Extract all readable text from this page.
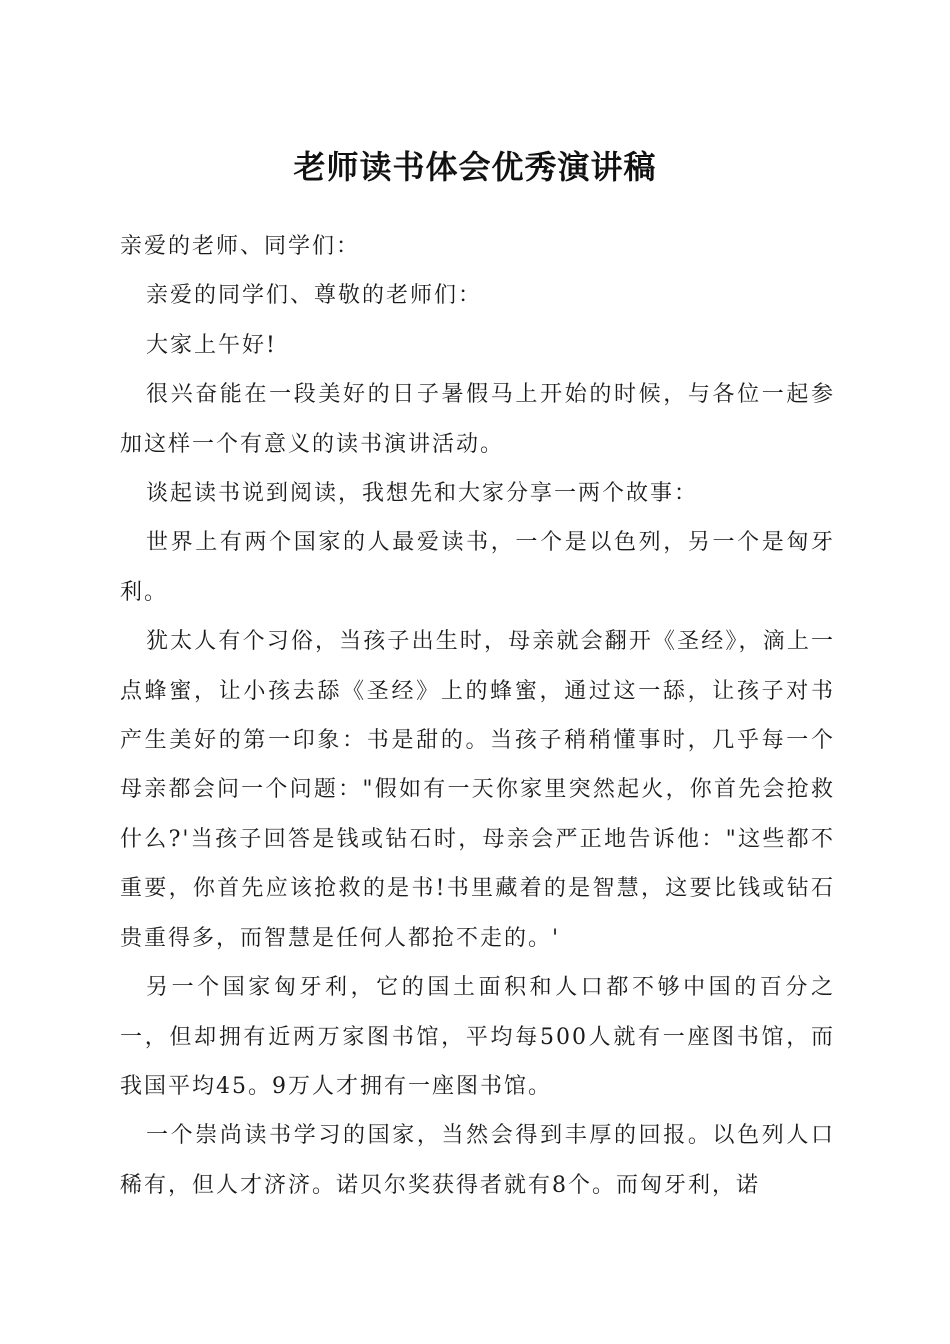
老师读书体会优秀演讲稿

亲爱的老师、同学们：

亲爱的同学们、尊敬的老师们：

大家上午好!

很兴奋能在一段美好的日子暑假马上开始的时候，与各位一起参加这样一个有意义的读书演讲活动。

谈起读书说到阅读，我想先和大家分享一两个故事：

世界上有两个国家的人最爱读书，一个是以色列，另一个是匈牙利。

犹太人有个习俗，当孩子出生时，母亲就会翻开《圣经》，滴上一点蜂蜜，让小孩去舔《圣经》上的蜂蜜，通过这一舔，让孩子对书产生美好的第一印象：书是甜的。当孩子稍稍懂事时，几乎每一个母亲都会问一个问题："假如有一天你家里突然起火，你首先会抢救什么?'当孩子回答是钱或钻石时，母亲会严正地告诉他："这些都不重要，你首先应该抢救的是书!书里藏着的是智慧，这要比钱或钻石贵重得多，而智慧是任何人都抢不走的。'

另一个国家匈牙利，它的国土面积和人口都不够中国的百分之一，但却拥有近两万家图书馆，平均每500人就有一座图书馆，而我国平均45。9万人才拥有一座图书馆。

一个崇尚读书学习的国家，当然会得到丰厚的回报。以色列人口稀有，但人才济济。诺贝尔奖获得者就有8个。而匈牙利，诺
